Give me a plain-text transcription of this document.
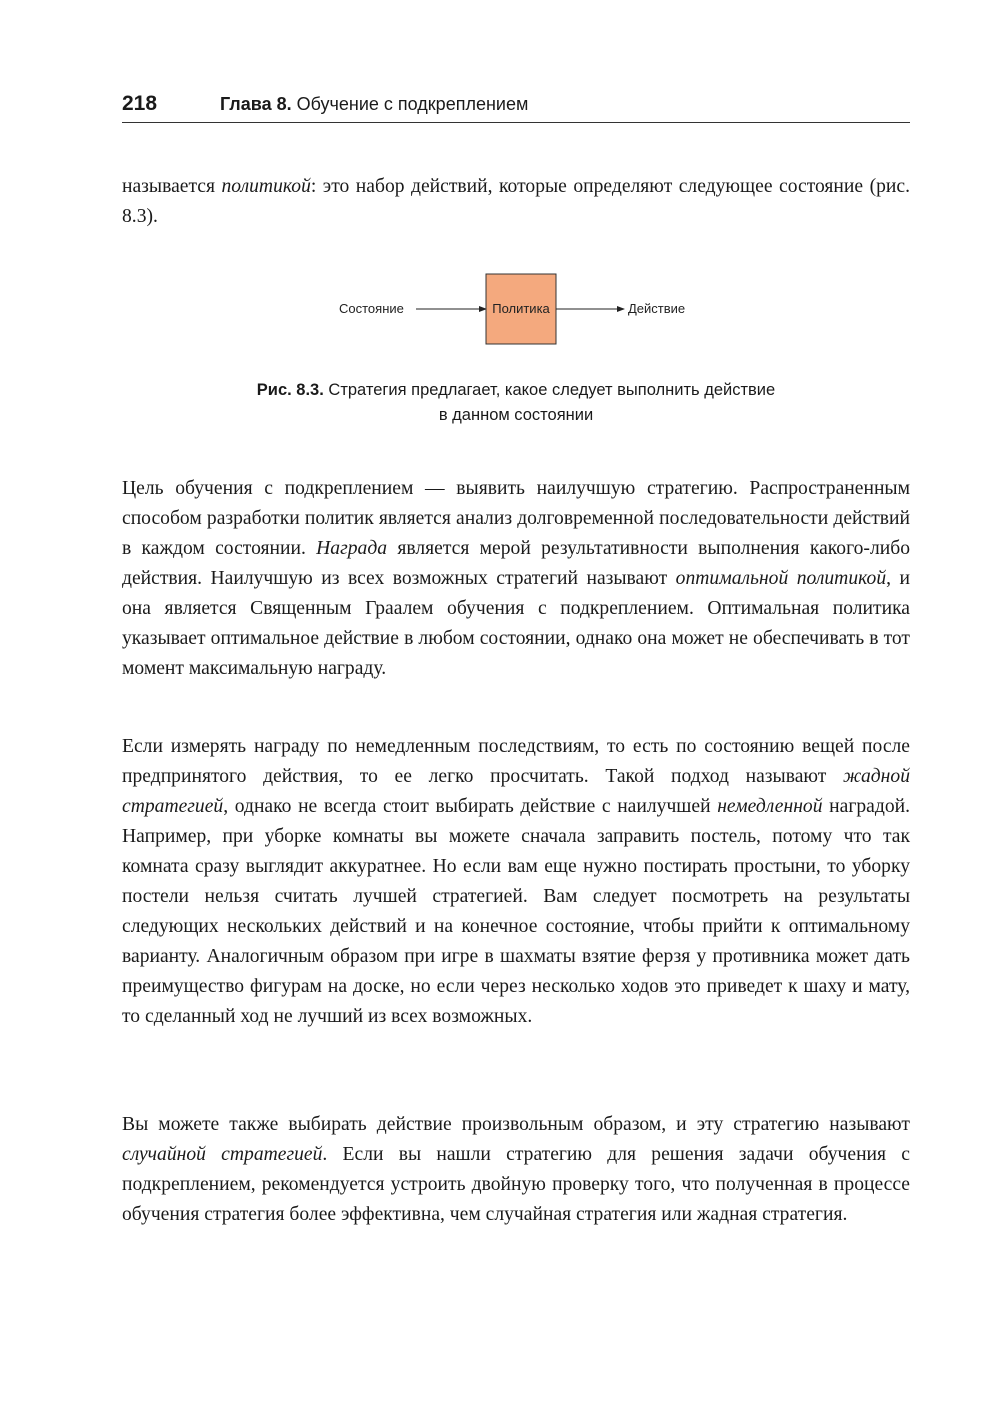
218	Глава 8. Обучение с подкреплением

называется политикой: это набор действий, которые определяют следующее состояние (рис. 8.3).

Состояние	Политика	Действие
Рис. 8.3. Стратегия предлагает, какое следует выполнить действие
в данном состоянии

Цель обучения с подкреплением — выявить наилучшую стратегию. Распространенным способом разработки политик является анализ долговременной последовательности действий в каждом состоянии. Награда является мерой результативности выполнения какого-либо действия. Наилучшую из всех возможных стратегий называют оптимальной политикой, и она является Священным Граалем обучения с подкреплением. Оптимальная политика указывает оптимальное действие в любом состоянии, однако она может не обеспечивать в тот момент максимальную награду.

Если измерять награду по немедленным последствиям, то есть по состоянию вещей после предпринятого действия, то ее легко просчитать. Такой подход называют жадной стратегией, однако не всегда стоит выбирать действие с наилучшей немедленной наградой. Например, при уборке комнаты вы можете сначала заправить постель, потому что так комната сразу выглядит аккуратнее. Но если вам еще нужно постирать простыни, то уборку постели нельзя считать лучшей стратегией. Вам следует посмотреть на результаты следующих нескольких действий и на конечное состояние, чтобы прийти к оптимальному варианту. Аналогичным образом при игре в шахматы взятие ферзя у противника может дать преимущество фигурам на доске, но если через несколько ходов это приведет к шаху и мату, то сделанный ход не лучший из всех возможных.

Вы можете также выбирать действие произвольным образом, и эту стратегию называют случайной стратегией. Если вы нашли стратегию для решения задачи обучения с подкреплением, рекомендуется устроить двойную проверку того, что полученная в процессе обучения стратегия более эффективна, чем случайная стратегия или жадная стратегия.
